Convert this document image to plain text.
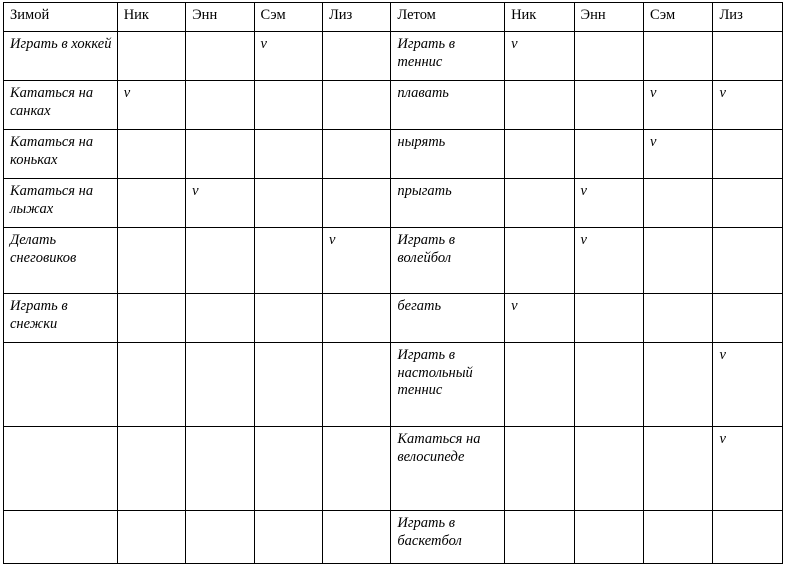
Зимой	Ник	Энн	Сэм	Лиз	Летом	Ник	Энн	Сэм	Лиз
Играть в хоккей			v		Играть в теннис	v			
Кататься на санках	v				плавать			v	v
Кататься на коньках					нырять			v	
Кататься на лыжах		v			прыгать		v		
Делать снеговиков				v	Играть в волейбол		v		
Играть в снежки					бегать	v			
					Играть в настольный теннис				v
					Кататься на велосипеде				v
					Играть в баскетбол				
